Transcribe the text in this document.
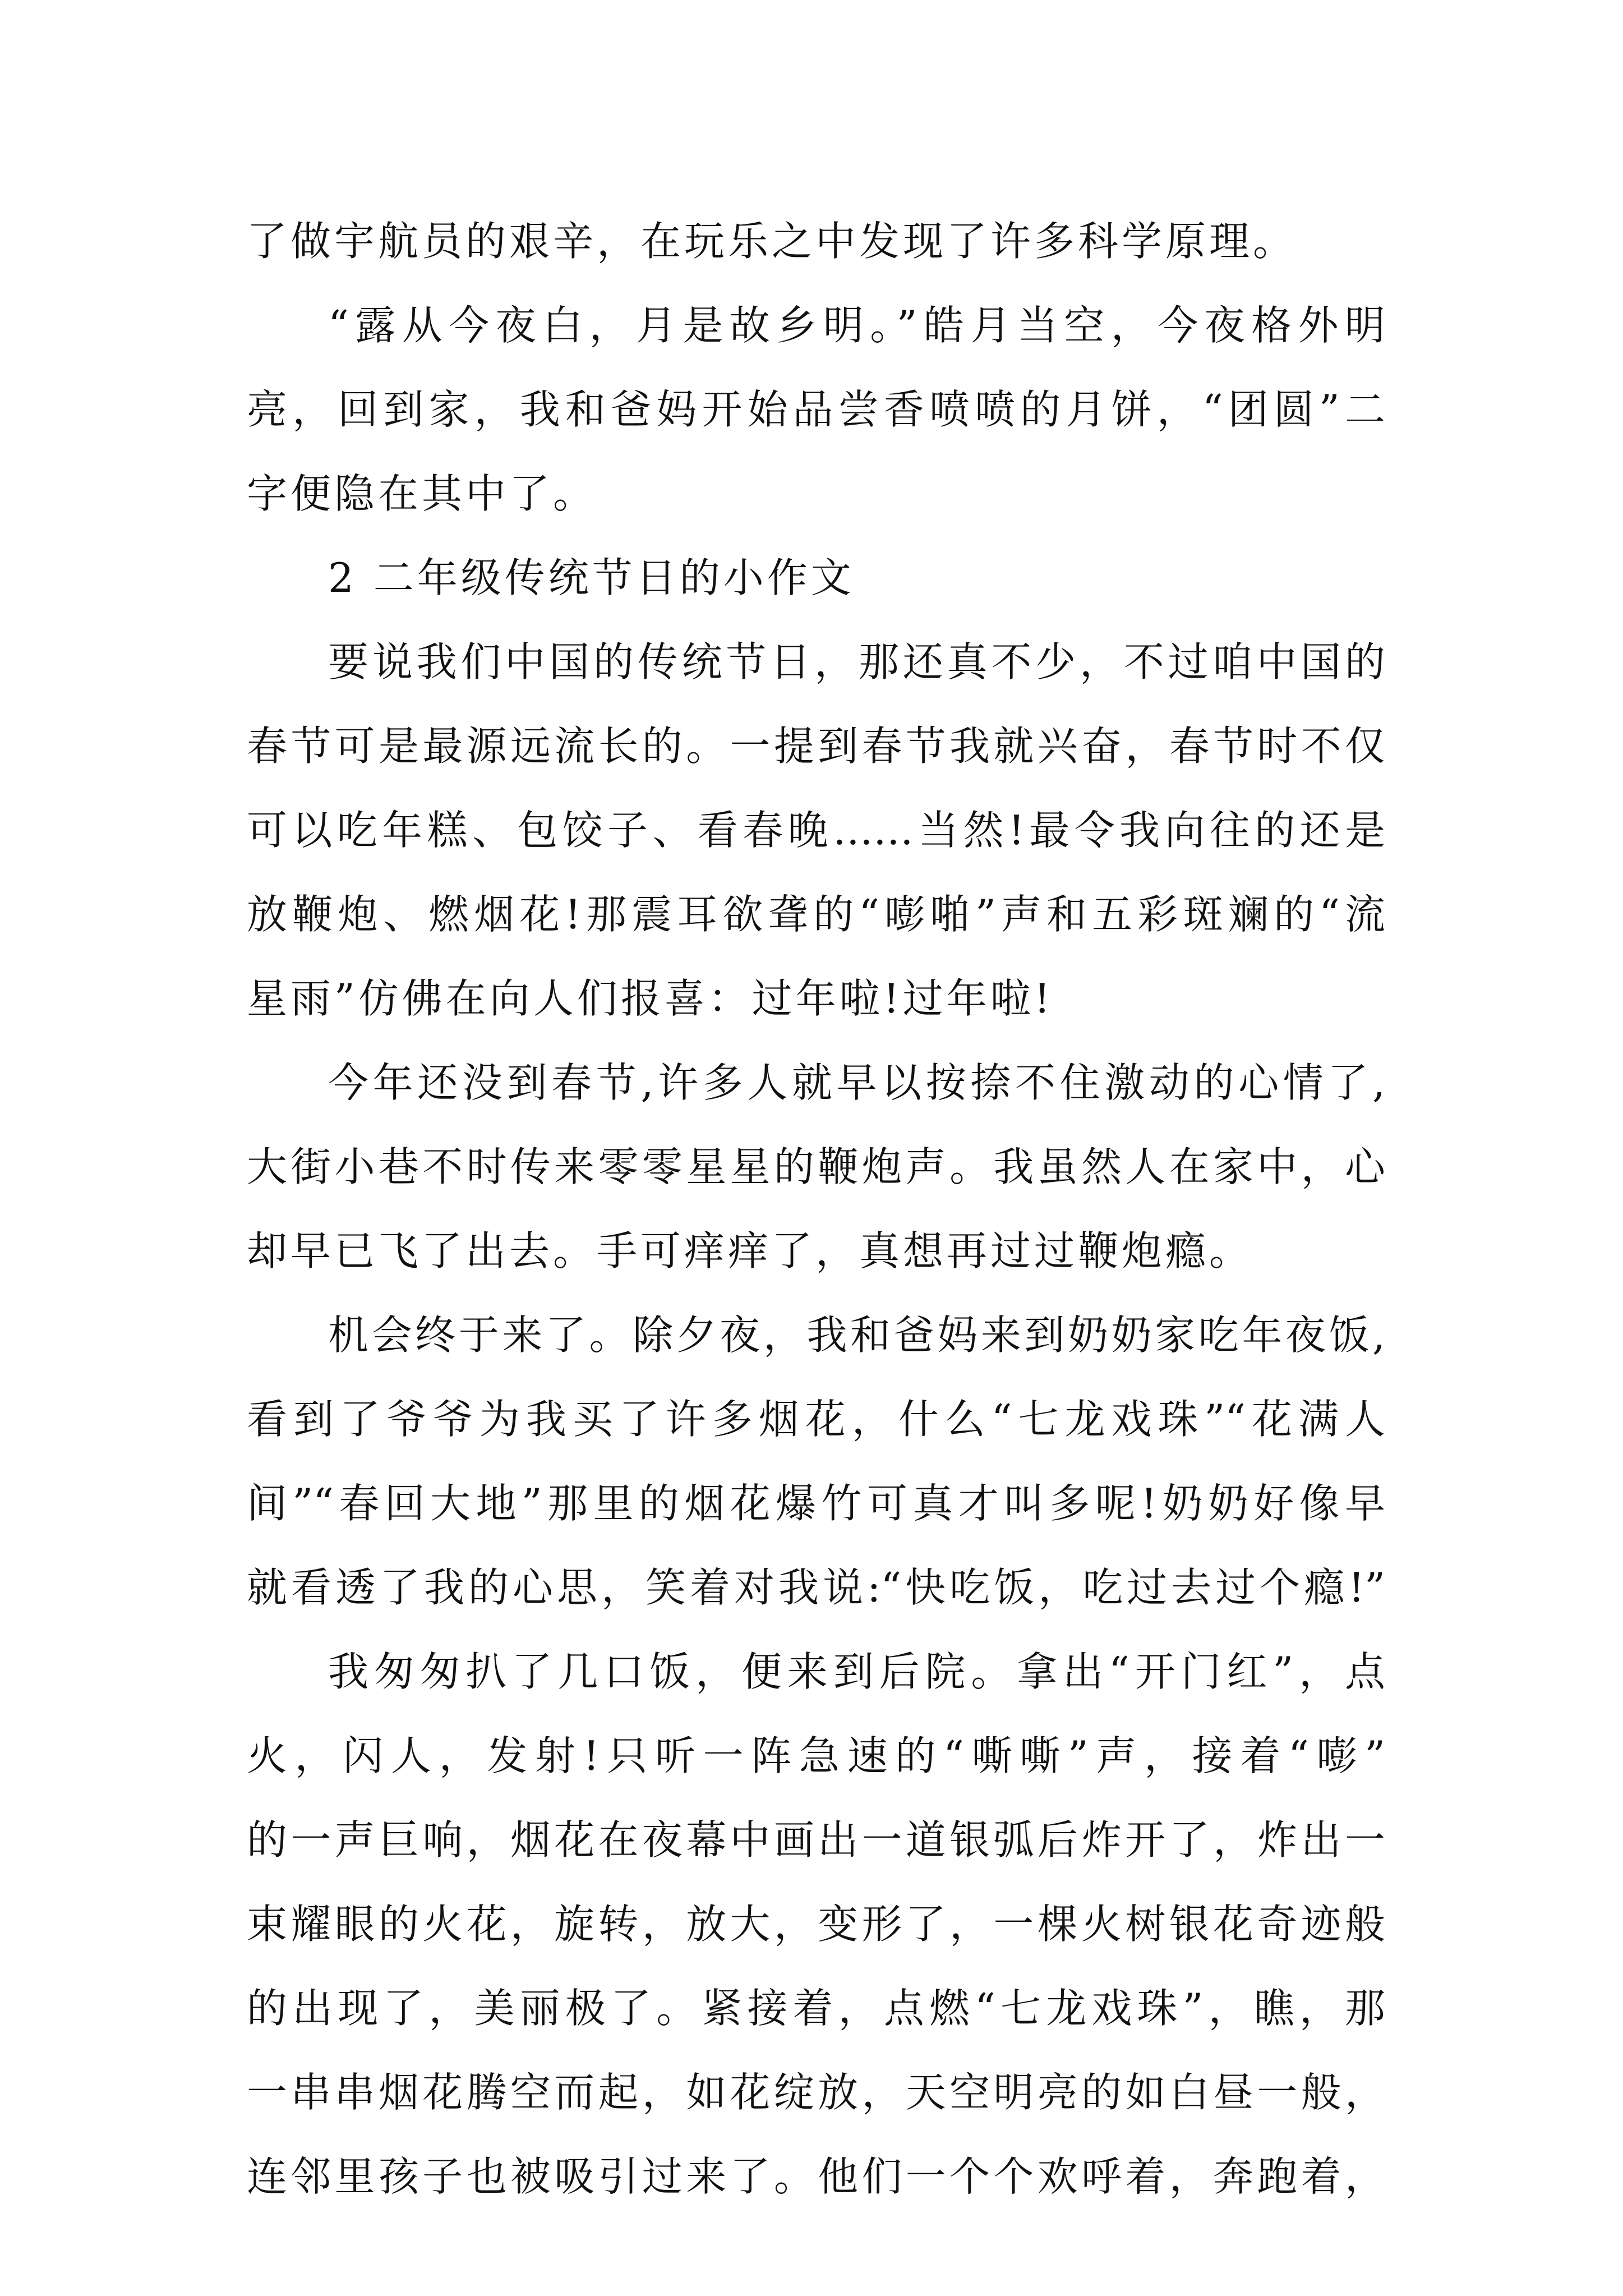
了做宇航员的艰辛，在玩乐之中发现了许多科学原理。
“露从今夜白，月是故乡明。”皓月当空，今夜格外明
亮，回到家，我和爸妈开始品尝香喷喷的月饼，“团圆”二
字便隐在其中了。
2 二年级传统节日的小作文
要说我们中国的传统节日，那还真不少，不过咱中国的
春节可是最源远流长的。一提到春节我就兴奋，春节时不仅
可以吃年糕、包饺子、看春晚……当然!最令我向往的还是
放鞭炮、燃烟花!那震耳欲聋的“嘭啪”声和五彩斑斓的“流
星雨”仿佛在向人们报喜：过年啦!过年啦!
今年还没到春节,许多人就早以按捺不住激动的心情了,
大街小巷不时传来零零星星的鞭炮声。我虽然人在家中，心
却早已飞了出去。手可痒痒了，真想再过过鞭炮瘾。
机会终于来了。除夕夜，我和爸妈来到奶奶家吃年夜饭,
看到了爷爷为我买了许多烟花，什么“七龙戏珠”“花满人
间”“春回大地”那里的烟花爆竹可真才叫多呢!奶奶好像早
就看透了我的心思，笑着对我说:“快吃饭，吃过去过个瘾!”
我匆匆扒了几口饭，便来到后院。拿出“开门红”，点
火，闪人，发射!只听一阵急速的“嘶嘶”声，接着“嘭”
的一声巨响，烟花在夜幕中画出一道银弧后炸开了，炸出一
束耀眼的火花，旋转，放大，变形了，一棵火树银花奇迹般
的出现了，美丽极了。紧接着，点燃“七龙戏珠”，瞧，那
一串串烟花腾空而起，如花绽放，天空明亮的如白昼一般，
连邻里孩子也被吸引过来了。他们一个个欢呼着，奔跑着，
